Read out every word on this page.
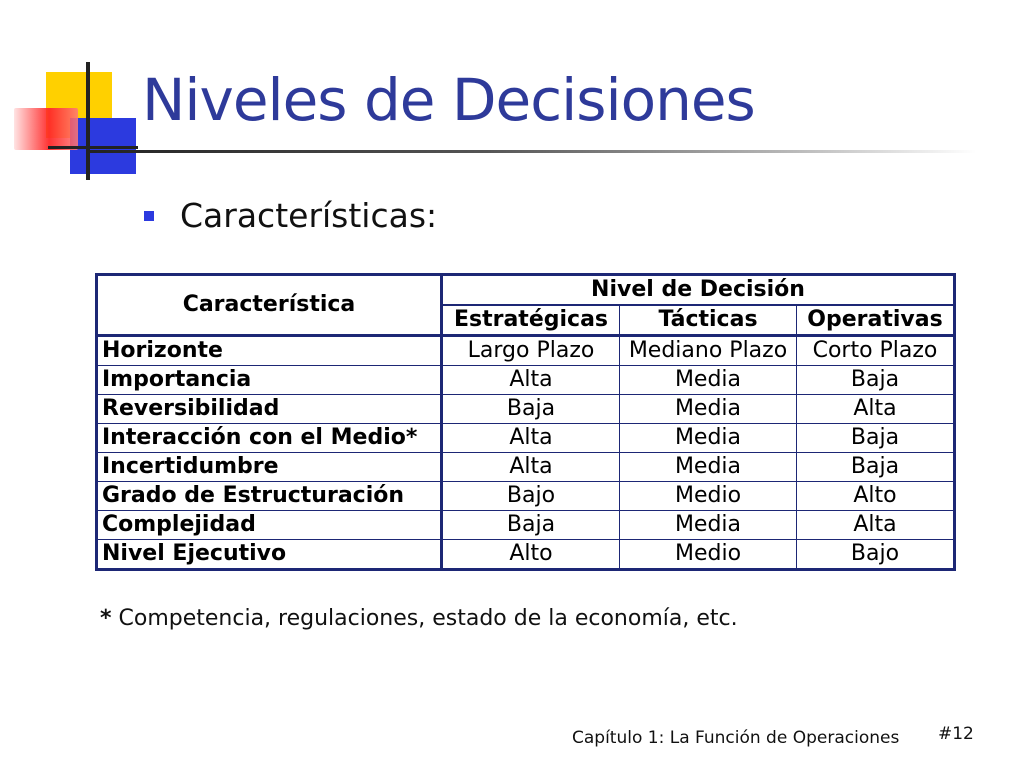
Niveles de Decisiones
Características:
Característica	Nivel de Decisión		
	Estratégicas	Tácticas	Operativas
Horizonte	Largo Plazo	Mediano Plazo	Corto Plazo
Importancia	Alta	Media	Baja
Reversibilidad	Baja	Media	Alta
Interacción con el Medio*	Alta	Media	Baja
Incertidumbre	Alta	Media	Baja
Grado de Estructuración	Bajo	Medio	Alto
Complejidad	Baja	Media	Alta
Nivel Ejecutivo	Alto	Medio	Bajo
* Competencia, regulaciones, estado de la economía, etc.
Capítulo 1: La Función de Operaciones #12
